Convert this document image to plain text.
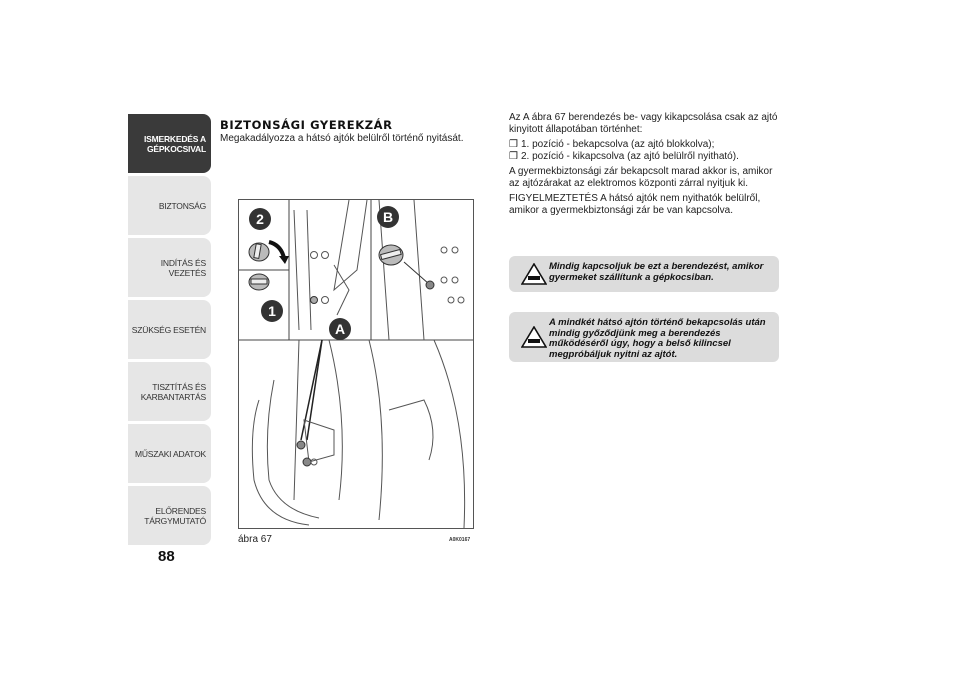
ISMERKEDÉS A
GÉPKOCSIVAL
BIZTONSÁG
INDÍTÁS ÉS VEZETÉS
SZÜKSÉG ESETÉN
TISZTÍTÁS ÉS
KARBANTARTÁS
MŰSZAKI ADATOK
ELŐRENDES
TÁRGYMUTATÓ
88
BIZTONSÁGI GYEREKZÁR
Megakadályozza a hátsó ajtók belülről történő nyitását.
2
1
A
B
ábra 67	A0K0167

Az A ábra 67 berendezés be- vagy kikapcsolása csak az ajtó kinyitott állapotában történhet:

❒ 1. pozíció - bekapcsolva (az ajtó blokkolva);
❒ 2. pozíció - kikapcsolva (az ajtó belülről nyitható).

A gyermekbiztonsági zár bekapcsolt marad akkor is, amikor az ajtózárakat az elektromos központi zárral nyitjuk ki.

FIGYELMEZTETÉS A hátsó ajtók nem nyithatók belülről, amikor a gyermekbiztonsági zár be van kapcsolva.

Mindig kapcsoljuk be ezt a berendezést, amikor gyermeket szállítunk a gépkocsiban.
A mindkét hátsó ajtón történő bekapcsolás után mindig győződjünk meg a berendezés működéséről úgy, hogy a belső kilincsel megpróbáljuk nyitni az ajtót.
